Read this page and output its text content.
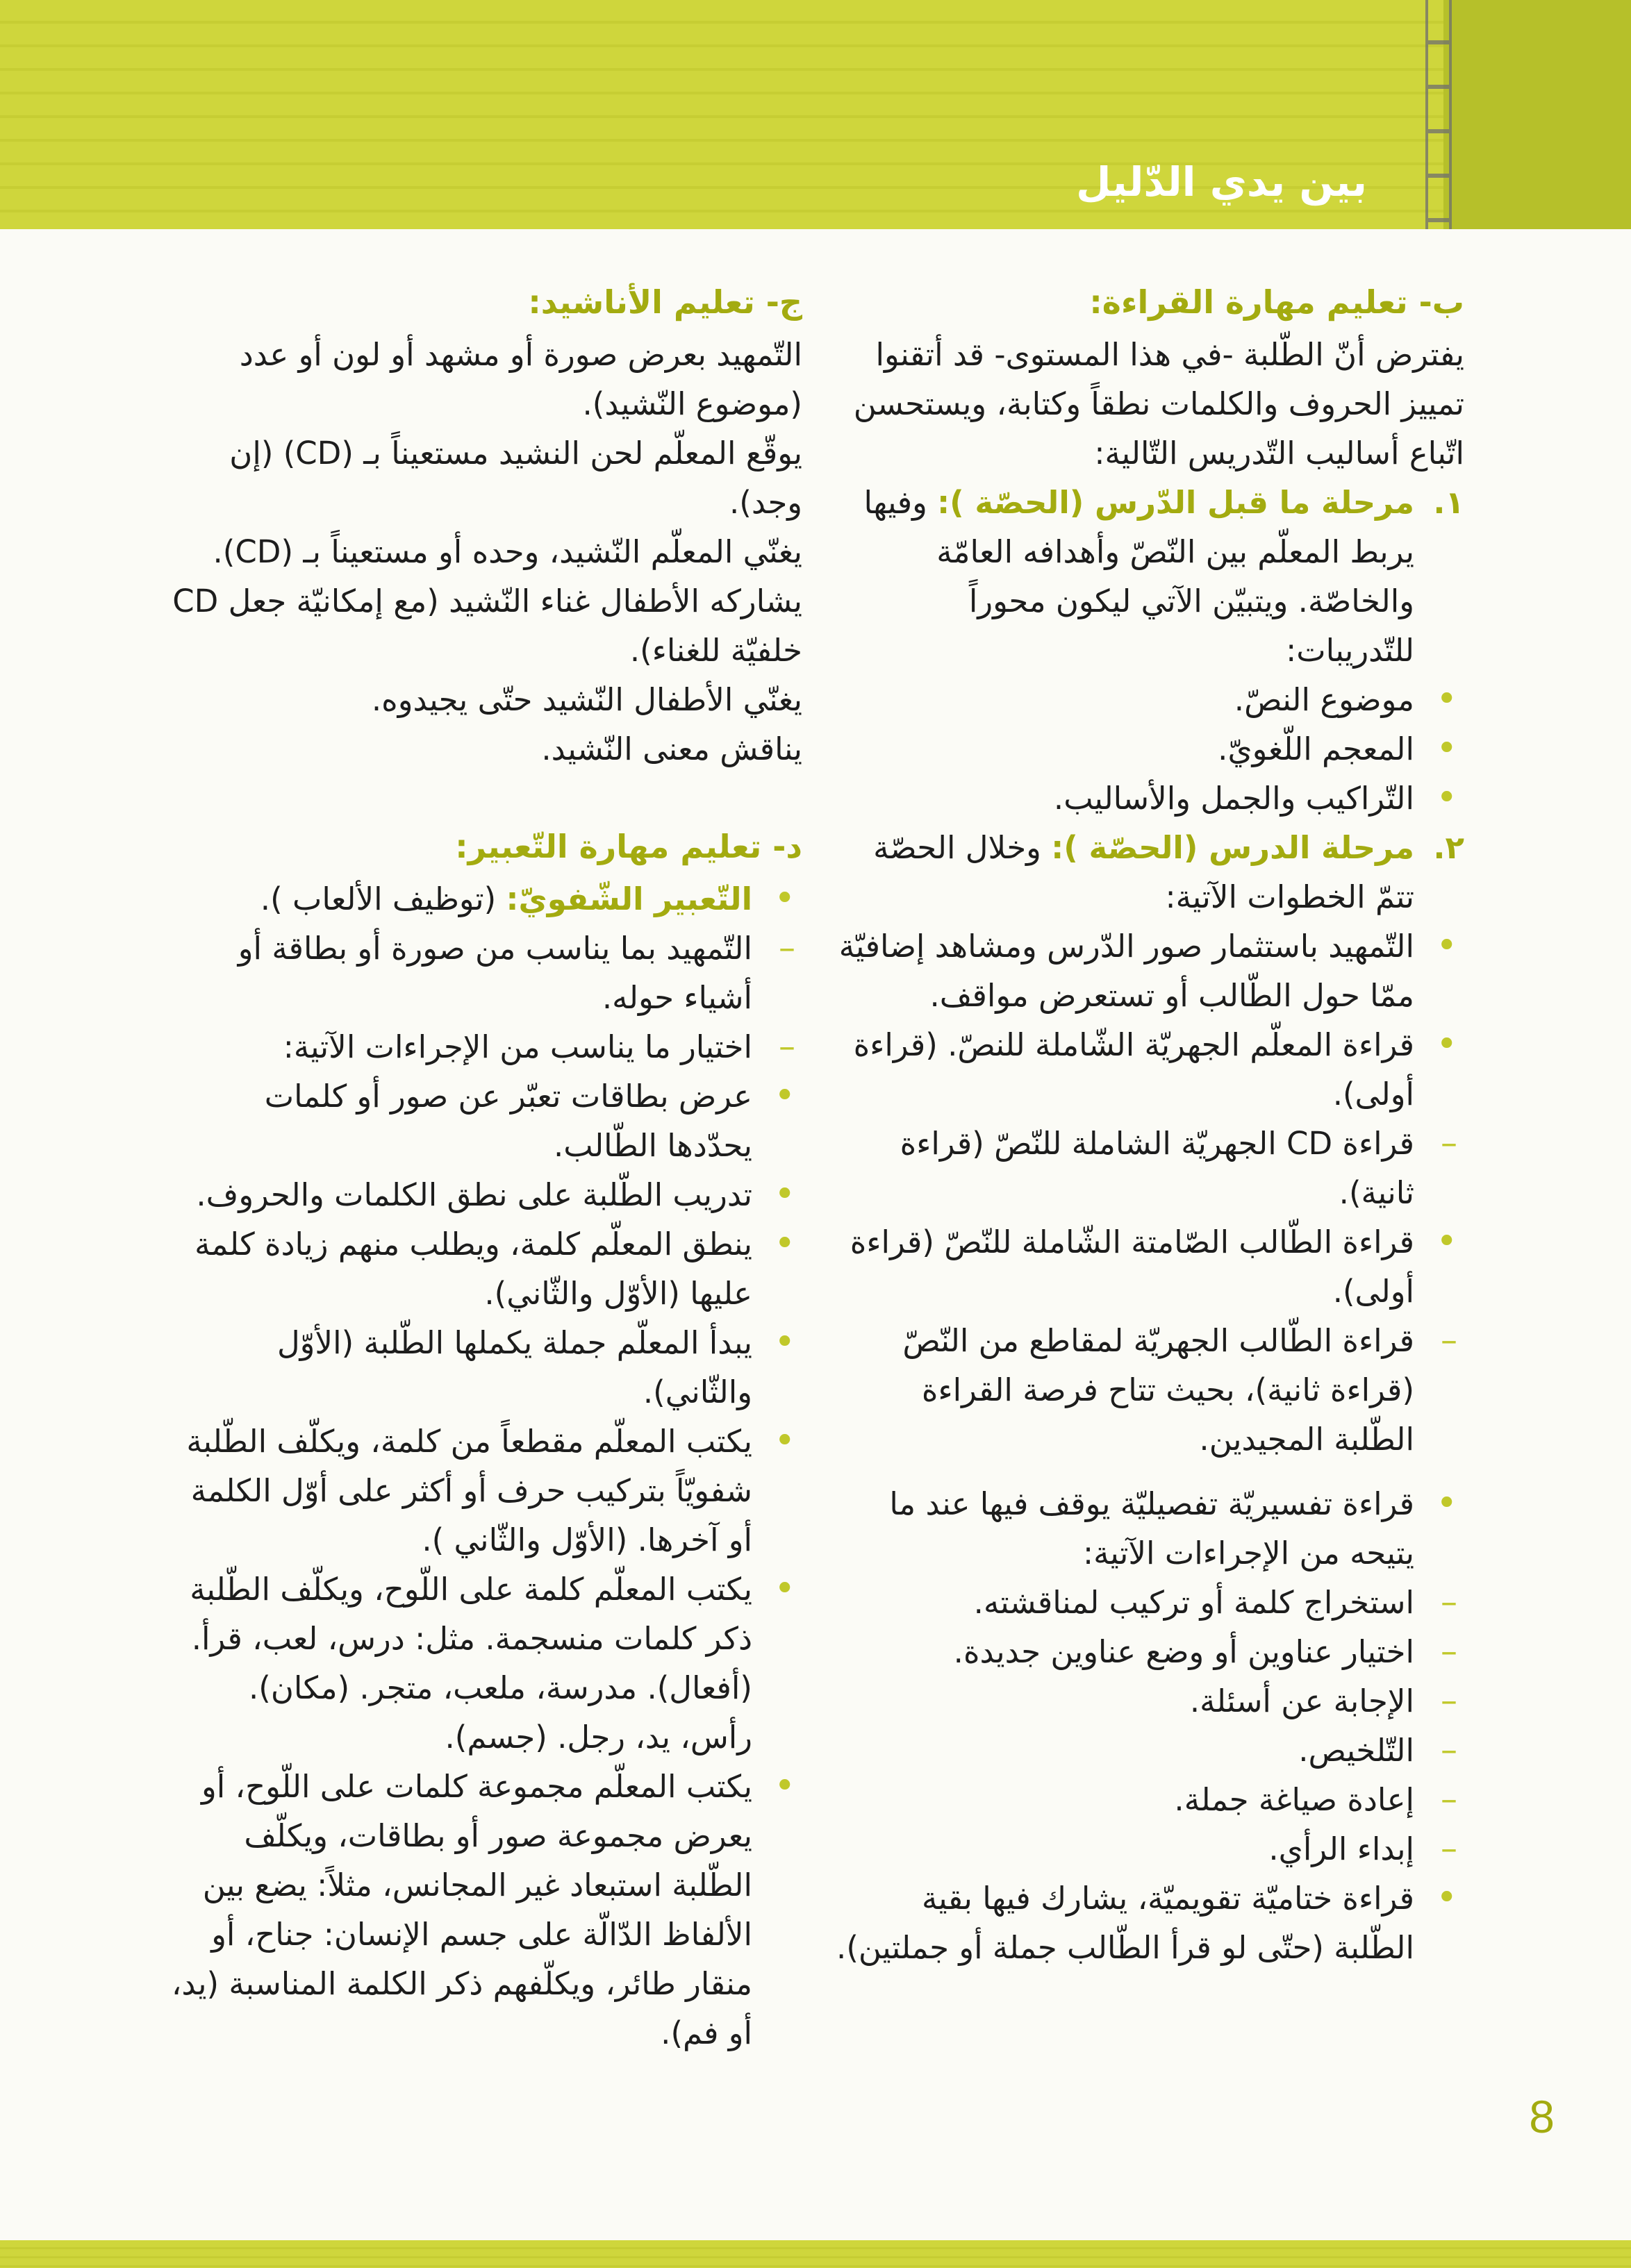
بين يدي الدّليل
ب- تعليم مهارة القراءة:

يفترض أنّ الطّلبة -في هذا المستوى- قد أتقنوا تمييز الحروف والكلمات نطقاً وكتابة، ويستحسن اتّباع أساليب التّدريس التّالية:

١.
مرحلة ما قبل الدّرس (الحصّة ): وفيها يربط المعلّم بين النّصّ وأهدافه العامّة والخاصّة. ويتبيّن الآتي ليكون محوراً للتّدريبات:
• موضوع النصّ.
• المعجم اللّغويّ.
• التّراكيب والجمل والأساليب.
٢.
مرحلة الدرس (الحصّة ): وخلال الحصّة تتمّ الخطوات الآتية:
• التّمهيد باستثمار صور الدّرس ومشاهد إضافيّة ممّا حول الطّالب أو تستعرض مواقف.
• قراءة المعلّم الجهريّة الشّاملة للنصّ. (قراءة أولى).
– قراءة CD الجهريّة الشاملة للنّصّ (قراءة ثانية).
• قراءة الطّالب الصّامتة الشّاملة للنّصّ (قراءة أولى).
– قراءة الطّالب الجهريّة لمقاطع من النّصّ (قراءة ثانية)، بحيث تتاح فرصة القراءة الطّلبة المجيدين.
• قراءة تفسيريّة تفصيليّة يوقف فيها عند ما يتيحه من الإجراءات الآتية:
– استخراج كلمة أو تركيب لمناقشته.
– اختيار عناوين أو وضع عناوين جديدة.
– الإجابة عن أسئلة.
– التّلخيص.
– إعادة صياغة جملة.
– إبداء الرأي.
• قراءة ختاميّة تقويميّة، يشارك فيها بقية الطّلبة (حتّى لو قرأ الطّالب جملة أو جملتين).
ج- تعليم الأناشيد:

التّمهيد بعرض صورة أو مشهد أو لون أو عدد (موضوع النّشيد).

يوقّع المعلّم لحن النشيد مستعيناً بـ (CD) (إن وجد).

يغنّي المعلّم النّشيد، وحده أو مستعيناً بـ (CD).

يشاركه الأطفال غناء النّشيد (مع إمكانيّة جعل CD خلفيّة للغناء).

يغنّي الأطفال النّشيد حتّى يجيدوه.

يناقش معنى النّشيد.

د- تعليم مهارة التّعبير:
• التّعبير الشّفويّ: (توظيف الألعاب ).
– التّمهيد بما يناسب من صورة أو بطاقة أو أشياء حوله.
– اختيار ما يناسب من الإجراءات الآتية:
• عرض بطاقات تعبّر عن صور أو كلمات يحدّدها الطّالب.
• تدريب الطّلبة على نطق الكلمات والحروف.
• ينطق المعلّم كلمة، ويطلب منهم زيادة كلمة عليها (الأوّل والثّاني).
• يبدأ المعلّم جملة يكملها الطّلبة (الأوّل والثّاني).
• يكتب المعلّم مقطعاً من كلمة، ويكلّف الطّلبة شفويّاً بتركيب حرف أو أكثر على أوّل الكلمة أو آخرها. (الأوّل والثّاني ).
• يكتب المعلّم كلمة على اللّوح، ويكلّف الطّلبة ذكر كلمات منسجمة. مثل: درس، لعب، قرأ. (أفعال). مدرسة، ملعب، متجر. (مكان). رأس، يد، رجل. (جسم).
• يكتب المعلّم مجموعة كلمات على اللّوح، أو يعرض مجموعة صور أو بطاقات، ويكلّف الطّلبة استبعاد غير المجانس، مثلاً: يضع بين الألفاظ الدّالّة على جسم الإنسان: جناح، أو منقار طائر، ويكلّفهم ذكر الكلمة المناسبة (يد، أو فم).
8
